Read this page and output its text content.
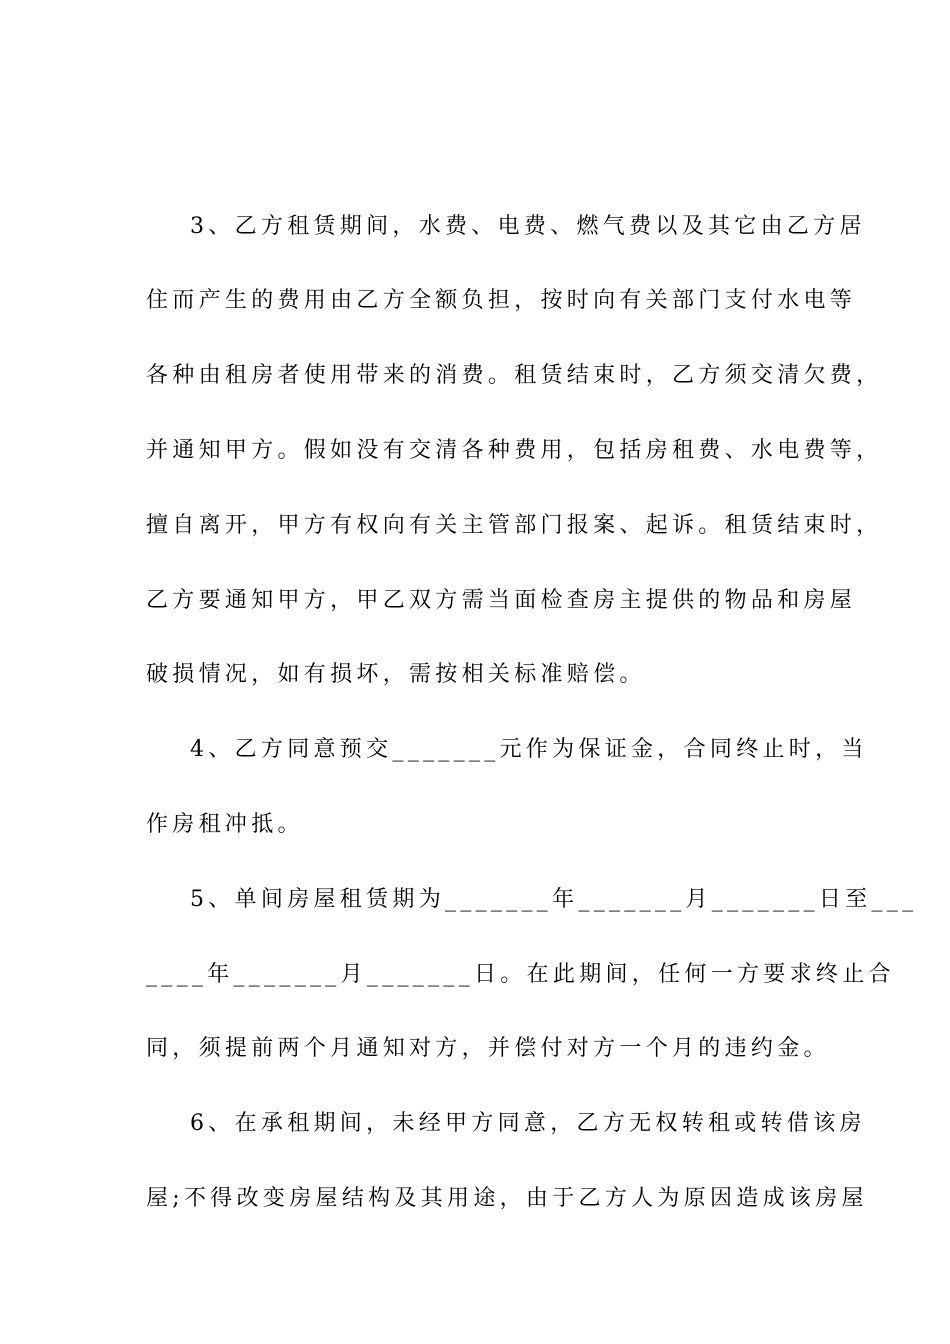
3、乙方租赁期间，水费、电费、燃气费以及其它由乙方居
住而产生的费用由乙方全额负担，按时向有关部门支付水电等
各种由租房者使用带来的消费。租赁结束时，乙方须交清欠费，
并通知甲方。假如没有交清各种费用，包括房租费、水电费等，
擅自离开，甲方有权向有关主管部门报案、起诉。租赁结束时，
乙方要通知甲方，甲乙双方需当面检查房主提供的物品和房屋
破损情况，如有损坏，需按相关标准赔偿。
4、乙方同意预交_______元作为保证金，合同终止时，当
作房租冲抵。
5、单间房屋租赁期为_______年_______月_______日至___
____年_______月_______日。在此期间，任何一方要求终止合
同，须提前两个月通知对方，并偿付对方一个月的违约金。
6、在承租期间，未经甲方同意，乙方无权转租或转借该房
屋;不得改变房屋结构及其用途，由于乙方人为原因造成该房屋
